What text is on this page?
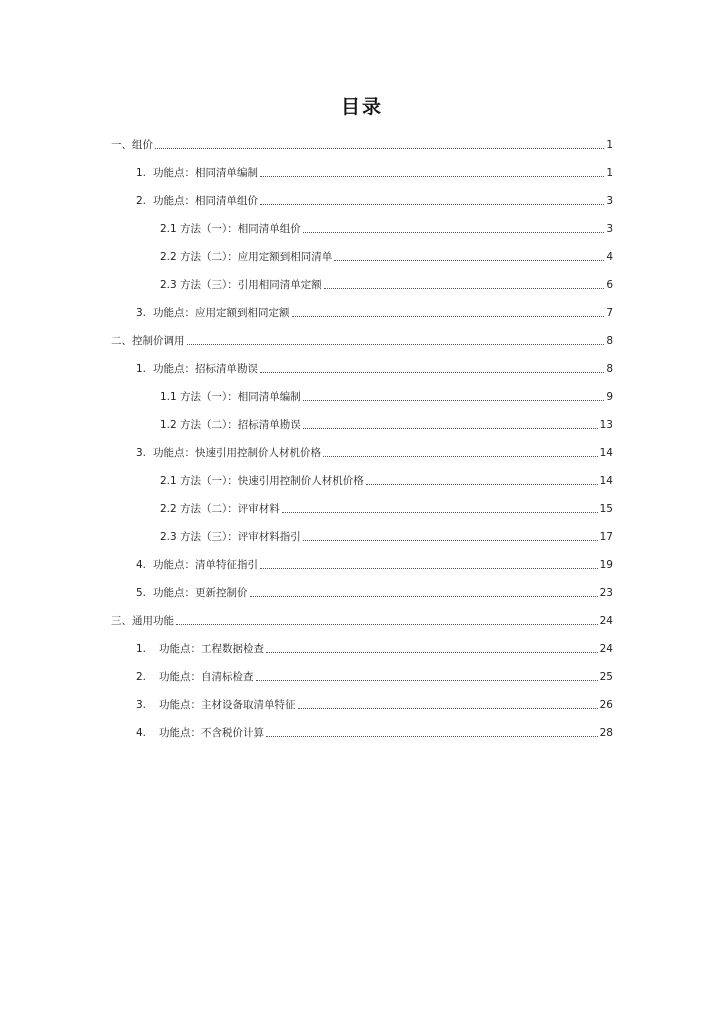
目录
一、组价	1
1. 功能点：相同清单编制	1
2. 功能点：相同清单组价	3
2.1 方法（一）：相同清单组价	3
2.2 方法（二）：应用定额到相同清单	4
2.3 方法（三）：引用相同清单定额	6
3. 功能点：应用定额到相同定额	7
二、控制价调用	8
1. 功能点：招标清单勘误	8
1.1 方法（一）：相同清单编制	9
1.2 方法（二）：招标清单勘误	13
3. 功能点：快速引用控制价人材机价格	14
2.1 方法（一）：快速引用控制价人材机价格	14
2.2 方法（二）：评审材料	15
2.3 方法（三）：评审材料指引	17
4. 功能点：清单特征指引	19
5. 功能点：更新控制价	23
三、通用功能	24
1. 功能点：工程数据检查	24
2. 功能点：自清标检查	25
3. 功能点：主材设备取清单特征	26
4. 功能点：不含税价计算	28
